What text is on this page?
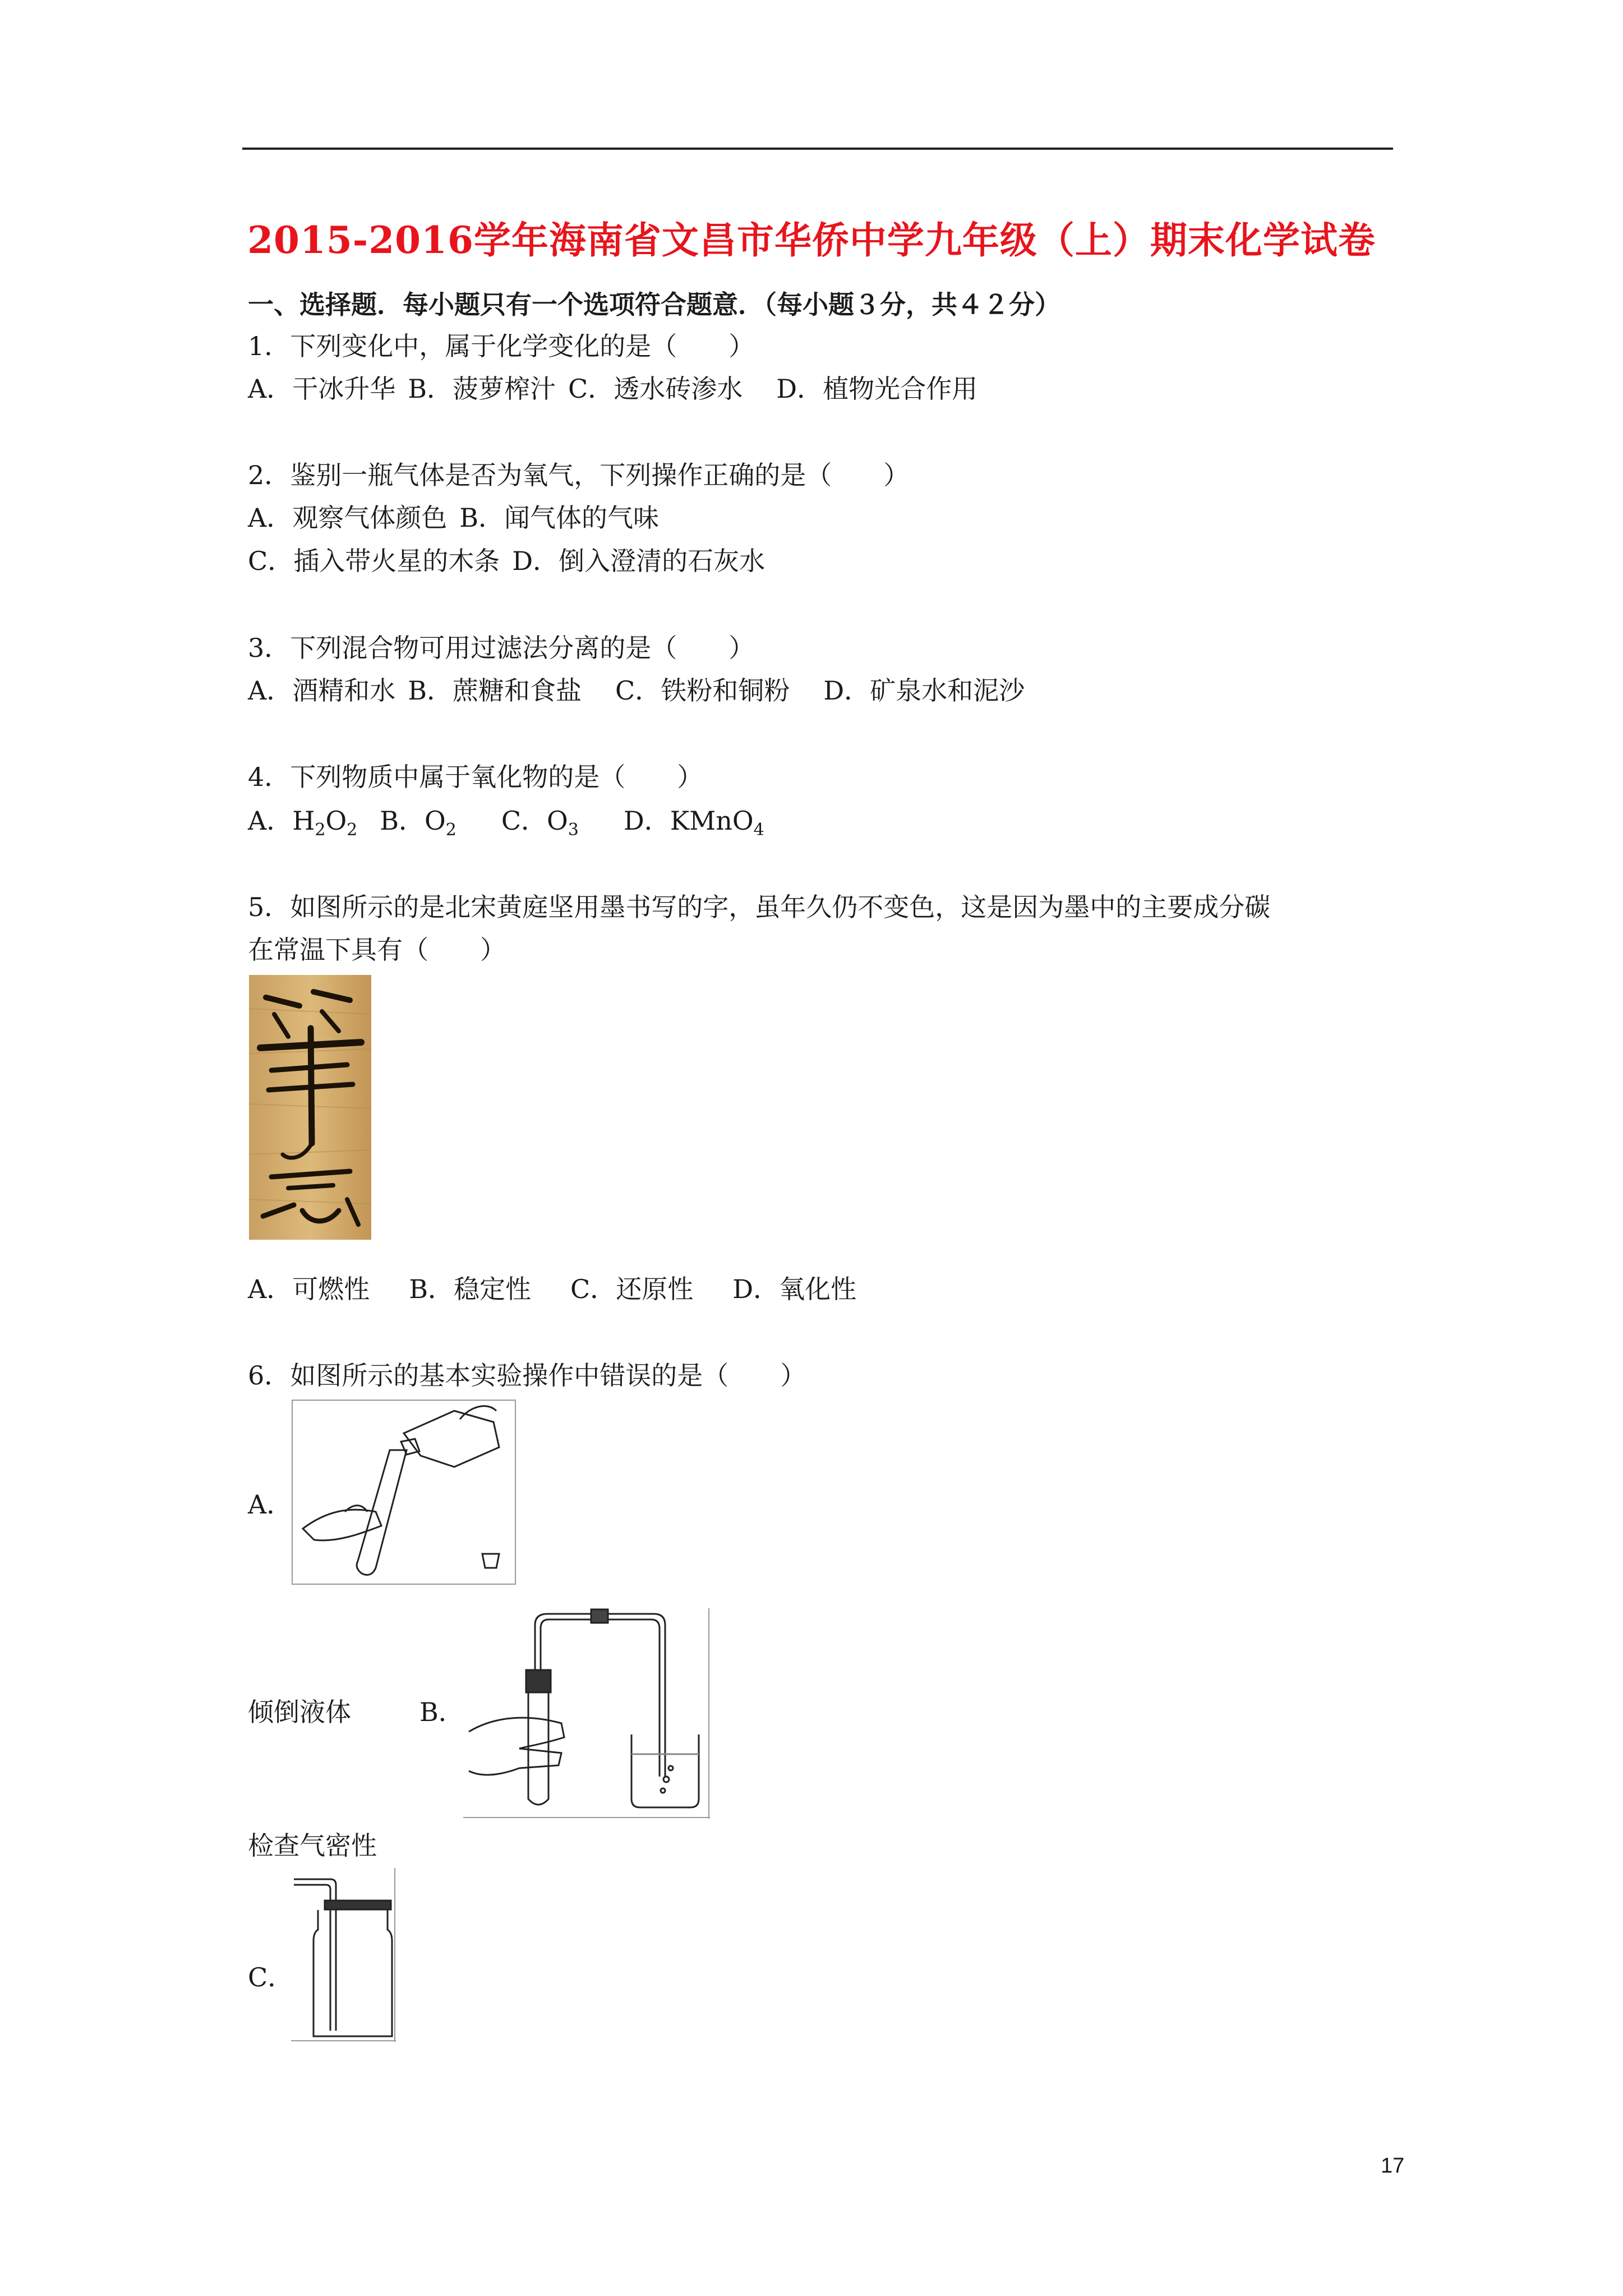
2015-2016学年海南省文昌市华侨中学九年级（上）期末化学试卷
一、选择题．每小题只有一个选项符合题意．（每小题３分，共４２分）
1．下列变化中，属于化学变化的是（　　）
A．干冰升华 B．菠萝榨汁 C．透水砖渗水 D．植物光合作用
2．鉴别一瓶气体是否为氧气，下列操作正确的是（　　）
A．观察气体颜色 B．闻气体的气味
C．插入带火星的木条 D．倒入澄清的石灰水
3．下列混合物可用过滤法分离的是（　　）
A．酒精和水 B．蔗糖和食盐 C．铁粉和铜粉 D．矿泉水和泥沙
4．下列物质中属于氧化物的是（　　）
A．$H_2O_2$ B．$O_2$ C．$O_3$ D．KMnO$_4$
5．如图所示的是北宋黄庭坚用墨书写的字，虽年久仍不变色，这是因为墨中的主要成分碳
在常温下具有（　　）
A．可燃性 B．稳定性 C．还原性 D．氧化性
6．如图所示的基本实验操作中错误的是（　　）
A．
倾倒液体	B．
检查气密性
C．
17
